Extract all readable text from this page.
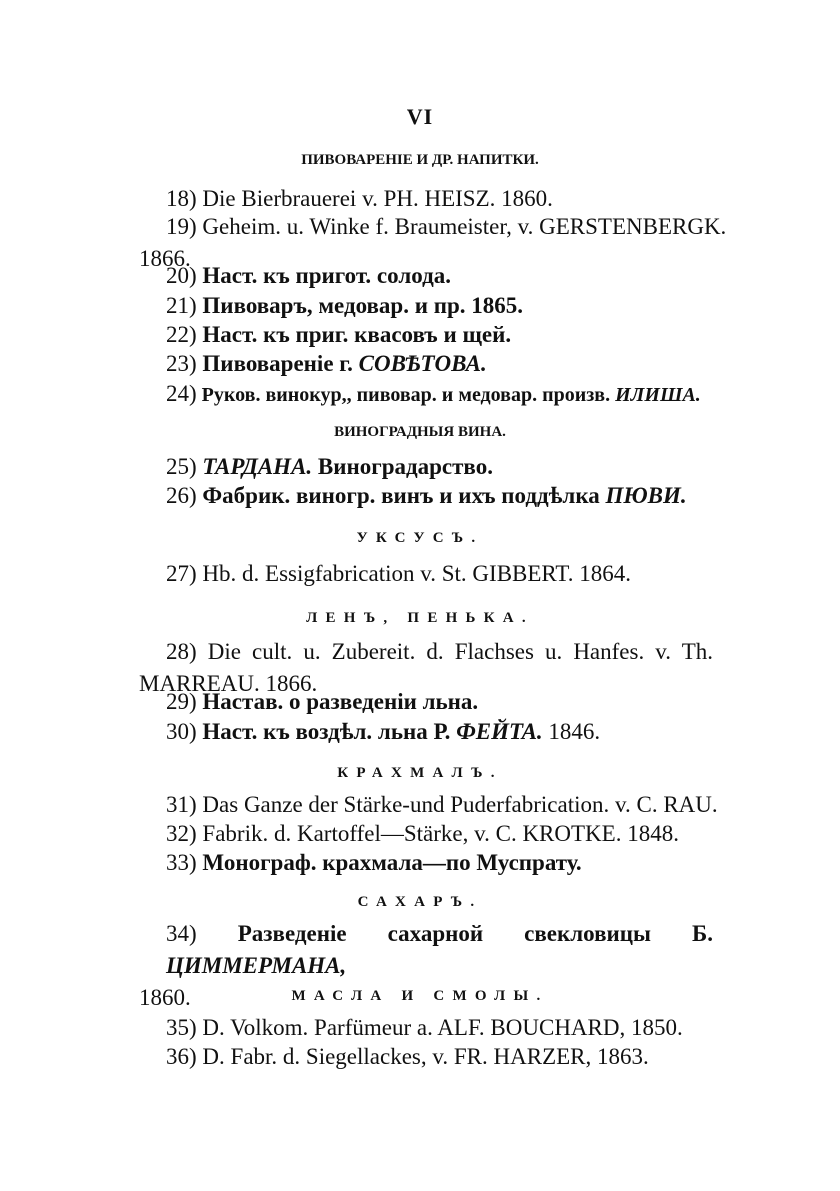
VI
ПИВОВАРЕНІЕ И ДР. НАПИТКИ.
18) Die Bierbrauerei v. PH. HEISZ. 1860.
19) Geheim. u. Winke f. Braumeister, v. GERSTENBERGK.
1866.
20) Наст. къ пригот. солода.
21) Пивоваръ, медовар. и пр. 1865.
22) Наст. къ приг. квасовъ и щей.
23) Пивовареніе г. СОВѢТОВА.
24) Руков. винокур,, пивовар. и медовар. произв. ИЛИША.
ВИНОГРАДНЫЯ ВИНА.
25) ТАРДАНА. Виноградарство.
26) Фабрик. виногр. винъ и ихъ поддѣлка ПЮВИ.
УКСУСЪ.
27) Hb. d. Essigfabrication v. St. GIBBERT. 1864.
ЛЕНЪ, ПЕНЬКА.
28) Die cult. u. Zubereit. d. Flachses u. Hanfes. v. Th.
MARREAU. 1866.
29) Настав. о разведеніи льна.
30) Наст. къ воздѣл. льна Р. ФЕЙТА. 1846.
КРАХМАЛЪ.
31) Das Ganze der Stärke-und Puderfabrication. v. C. RAU.
32) Fabrik. d. Kartoffel—Stärke, v. C. KROTKE. 1848.
33) Монограф. крахмала—по Муспрату.
САХАРЪ.
34) Разведеніе сахарной свекловицы Б. ЦИММЕРМАНА,
1860.	МАСЛА И СМОЛЫ.
35) D. Volkom. Parfümeur a. ALF. BOUCHARD, 1850.
36) D. Fabr. d. Siegellackes, v. FR. HARZER, 1863.
